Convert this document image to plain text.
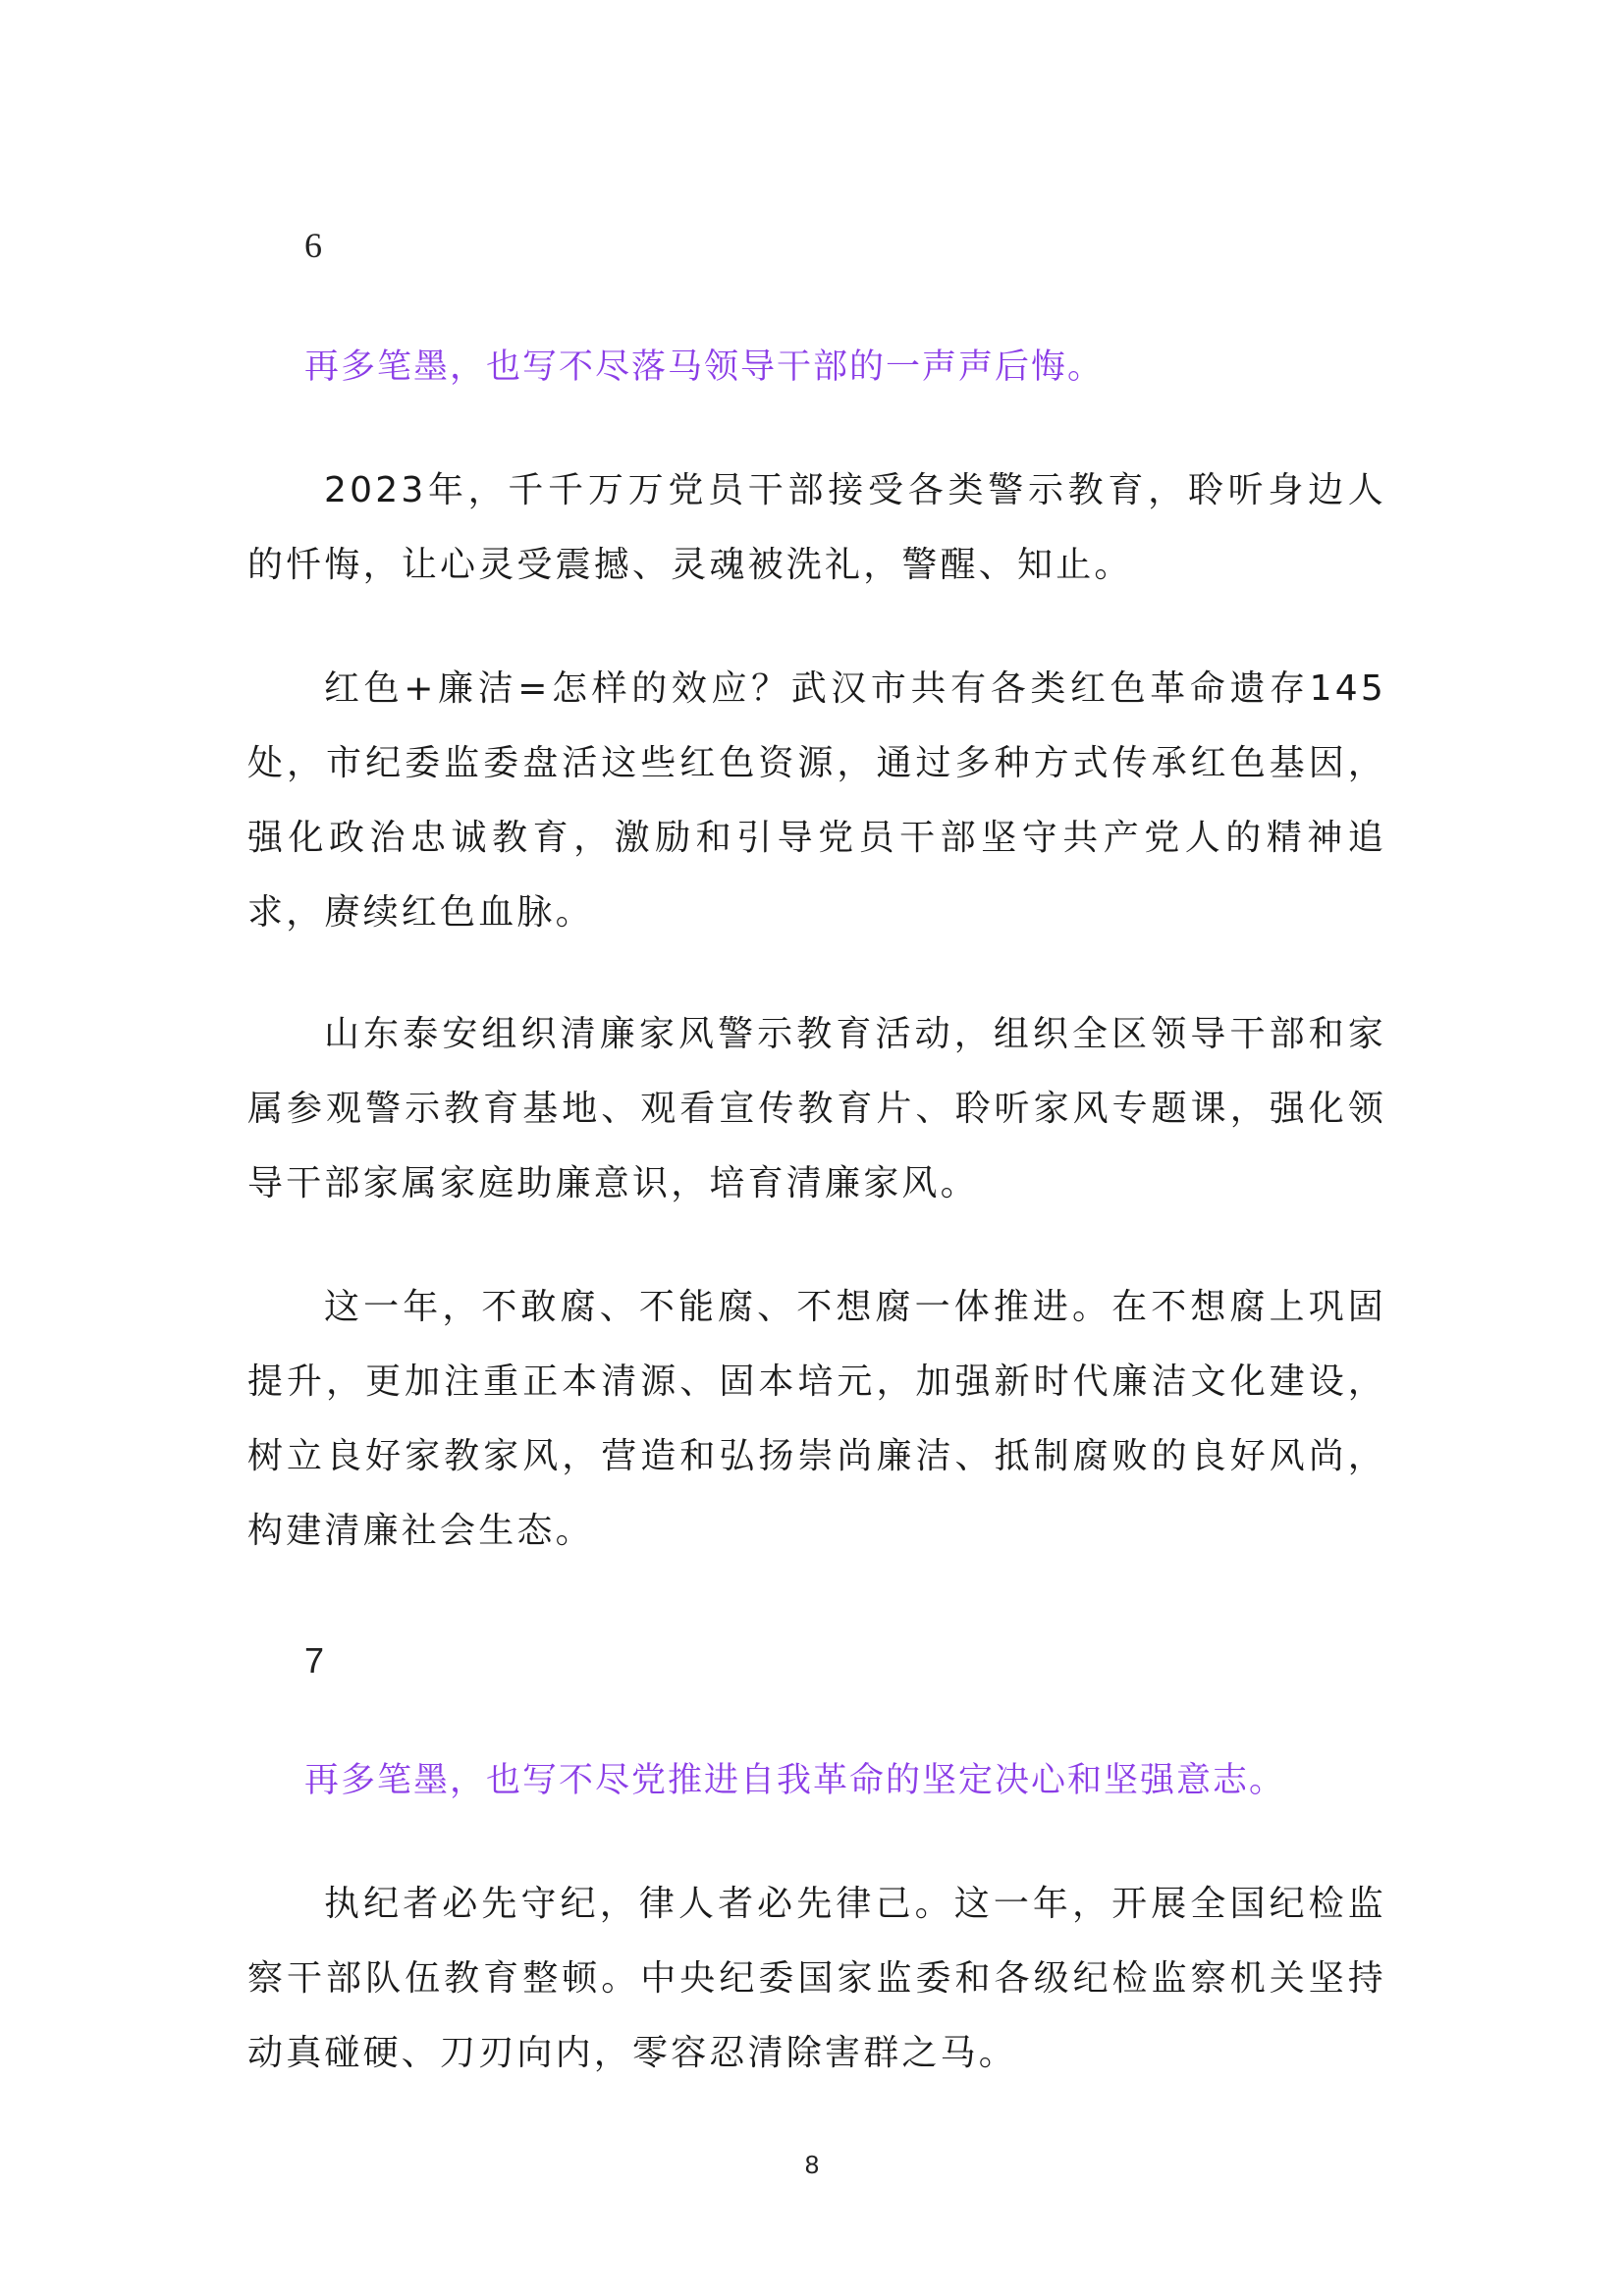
6
再多笔墨，也写不尽落马领导干部的一声声后悔。

2023年，千千万万党员干部接受各类警示教育，聆听身边人的忏悔，让心灵受震撼、灵魂被洗礼，警醒、知止。

红色+廉洁=怎样的效应？武汉市共有各类红色革命遗存145处，市纪委监委盘活这些红色资源，通过多种方式传承红色基因，强化政治忠诚教育，激励和引导党员干部坚守共产党人的精神追求，赓续红色血脉。

山东泰安组织清廉家风警示教育活动，组织全区领导干部和家属参观警示教育基地、观看宣传教育片、聆听家风专题课，强化领导干部家属家庭助廉意识，培育清廉家风。

这一年，不敢腐、不能腐、不想腐一体推进。在不想腐上巩固提升，更加注重正本清源、固本培元，加强新时代廉洁文化建设，树立良好家教家风，营造和弘扬崇尚廉洁、抵制腐败的良好风尚，构建清廉社会生态。

7
再多笔墨，也写不尽党推进自我革命的坚定决心和坚强意志。

执纪者必先守纪，律人者必先律己。这一年，开展全国纪检监察干部队伍教育整顿。中央纪委国家监委和各级纪检监察机关坚持动真碰硬、刀刃向内，零容忍清除害群之马。

8
